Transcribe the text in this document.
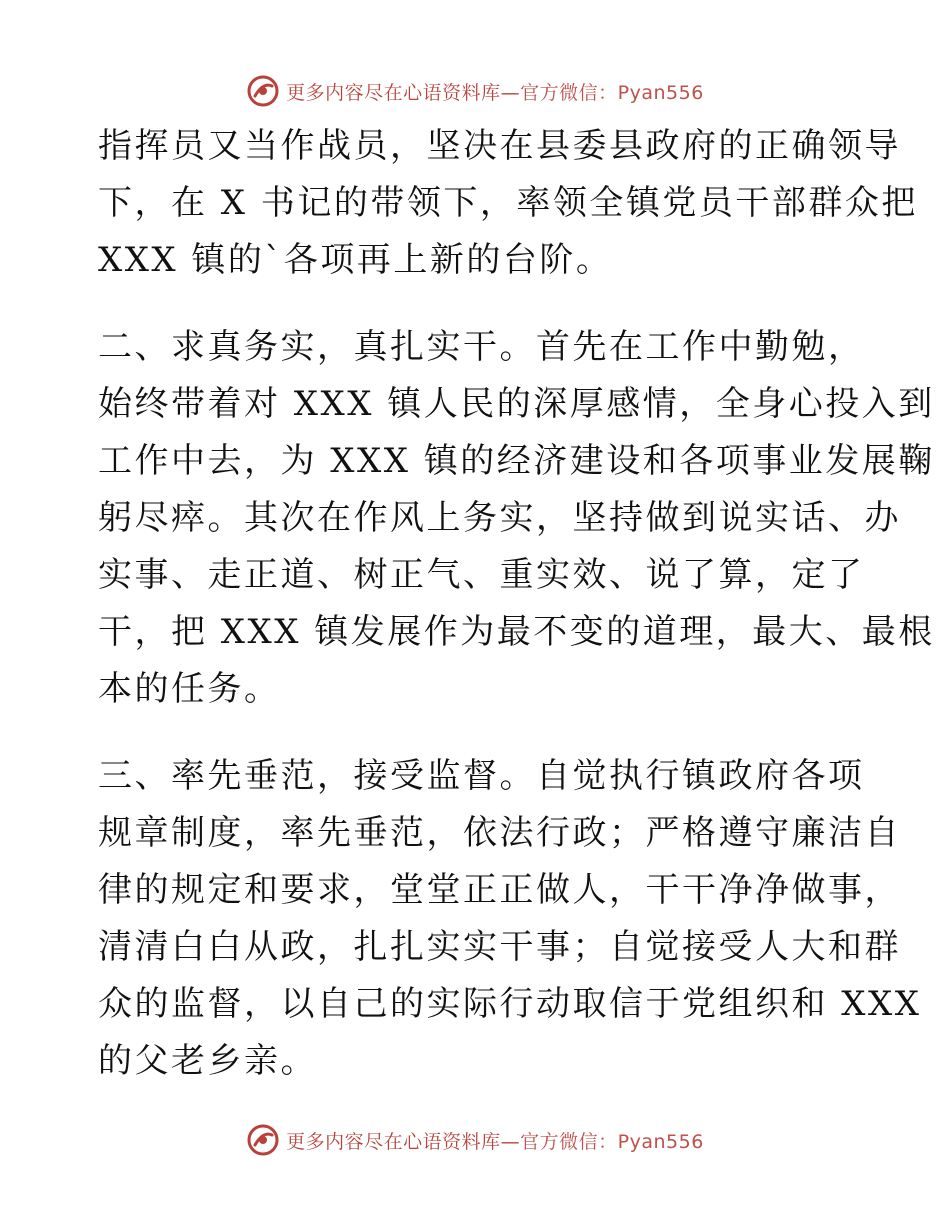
更多内容尽在心语资料库—官方微信：Pyan556
指挥员又当作战员，坚决在县委县政府的正确领导
下，在 X 书记的带领下，率领全镇党员干部群众把
XXX 镇的`各项再上新的台阶。
二、求真务实，真扎实干。首先在工作中勤勉，
始终带着对 XXX 镇人民的深厚感情，全身心投入到
工作中去，为 XXX 镇的经济建设和各项事业发展鞠
躬尽瘁。其次在作风上务实，坚持做到说实话、办
实事、走正道、树正气、重实效、说了算，定了
干，把 XXX 镇发展作为最不变的道理，最大、最根
本的任务。
三、率先垂范，接受监督。自觉执行镇政府各项
规章制度，率先垂范，依法行政；严格遵守廉洁自
律的规定和要求，堂堂正正做人，干干净净做事，
清清白白从政，扎扎实实干事；自觉接受人大和群
众的监督，以自己的实际行动取信于党组织和 XXX
的父老乡亲。
更多内容尽在心语资料库—官方微信：Pyan556
